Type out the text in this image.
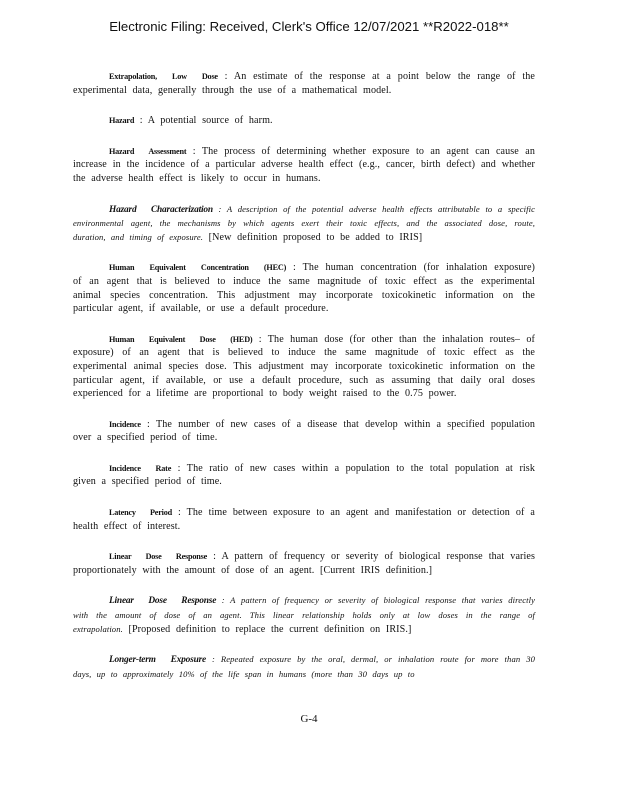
Electronic Filing: Received, Clerk's Office 12/07/2021 **R2022-018**

Extrapolation, Low Dose : An estimate of the response at a point below the range of the experimental data, generally through the use of a mathematical model.

Hazard : A potential source of harm.

Hazard Assessment : The process of determining whether exposure to an agent can cause an increase in the incidence of a particular adverse health effect (e.g., cancer, birth defect) and whether the adverse health effect is likely to occur in humans.

Hazard Characterization : A description of the potential adverse health effects attributable to a specific environmental agent, the mechanisms by which agents exert their toxic effects, and the associated dose, route, duration, and timing of exposure. [New definition proposed to be added to IRIS]

Human Equivalent Concentration (HEC) : The human concentration (for inhalation exposure) of an agent that is believed to induce the same magnitude of toxic effect as the experimental animal species concentration. This adjustment may incorporate toxicokinetic information on the particular agent, if available, or use a default procedure.

Human Equivalent Dose (HED) : The human dose (for other than the inhalation routes– of exposure) of an agent that is believed to induce the same magnitude of toxic effect as the experimental animal species dose. This adjustment may incorporate toxicokinetic information on the particular agent, if available, or use a default procedure, such as assuming that daily oral doses experienced for a lifetime are proportional to body weight raised to the 0.75 power.

Incidence : The number of new cases of a disease that develop within a specified population over a specified period of time.

Incidence Rate : The ratio of new cases within a population to the total population at risk given a specified period of time.

Latency Period : The time between exposure to an agent and manifestation or detection of a health effect of interest.

Linear Dose Response : A pattern of frequency or severity of biological response that varies proportionately with the amount of dose of an agent. [Current IRIS definition.]

Linear Dose Response : A pattern of frequency or severity of biological response that varies directly with the amount of dose of an agent. This linear relationship holds only at low doses in the range of extrapolation. [Proposed definition to replace the current definition on IRIS.]

Longer-term Exposure : Repeated exposure by the oral, dermal, or inhalation route for more than 30 days, up to approximately 10% of the life span in humans (more than 30 days up to

G-4
